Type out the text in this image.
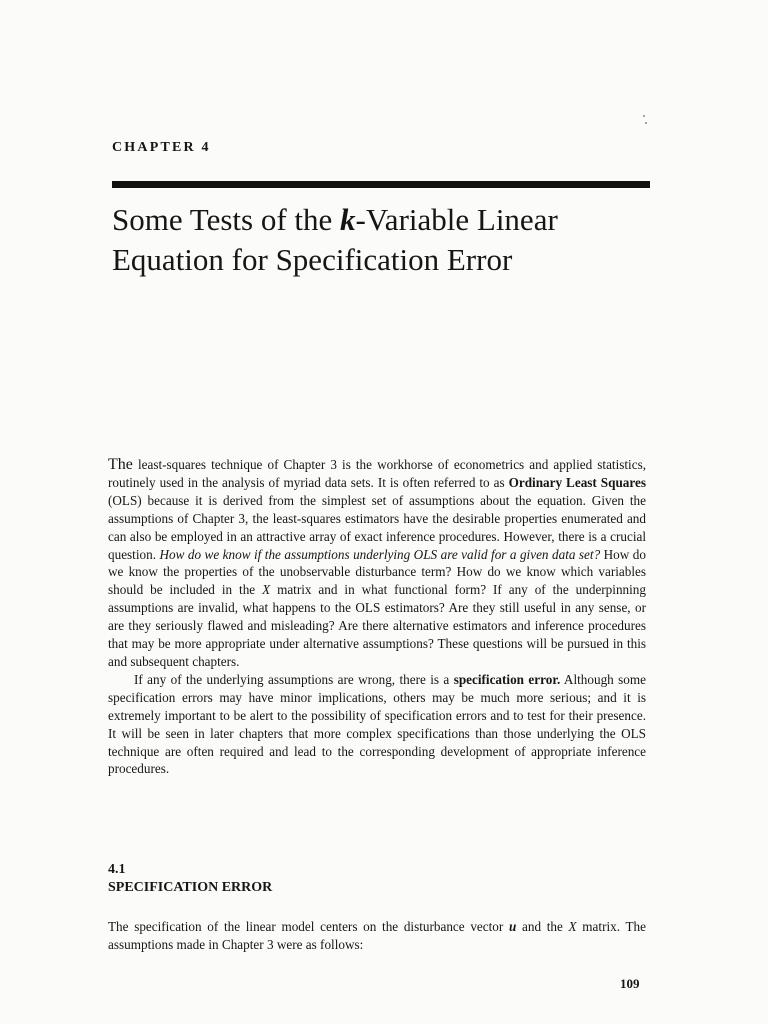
CHAPTER 4
Some Tests of the k-Variable Linear
Equation for Specification Error

The least-squares technique of Chapter 3 is the workhorse of econometrics and applied statistics, routinely used in the analysis of myriad data sets. It is often referred to as Ordinary Least Squares (OLS) because it is derived from the simplest set of assumptions about the equation. Given the assumptions of Chapter 3, the least-squares estimators have the desirable properties enumerated and can also be employed in an attractive array of exact inference procedures. However, there is a crucial question. How do we know if the assumptions underlying OLS are valid for a given data set? How do we know the properties of the unobservable disturbance term? How do we know which variables should be included in the X matrix and in what functional form? If any of the underpinning assumptions are invalid, what happens to the OLS estimators? Are they still useful in any sense, or are they seriously flawed and misleading? Are there alternative estimators and inference procedures that may be more appropriate under alternative assumptions? These questions will be pursued in this and subsequent chapters.

If any of the underlying assumptions are wrong, there is a specification error. Although some specification errors may have minor implications, others may be much more serious; and it is extremely important to be alert to the possibility of specification errors and to test for their presence. It will be seen in later chapters that more complex specifications than those underlying the OLS technique are often required and lead to the corresponding development of appropriate inference procedures.

4.1
SPECIFICATION ERROR

The specification of the linear model centers on the disturbance vector u and the X matrix. The assumptions made in Chapter 3 were as follows:

109
